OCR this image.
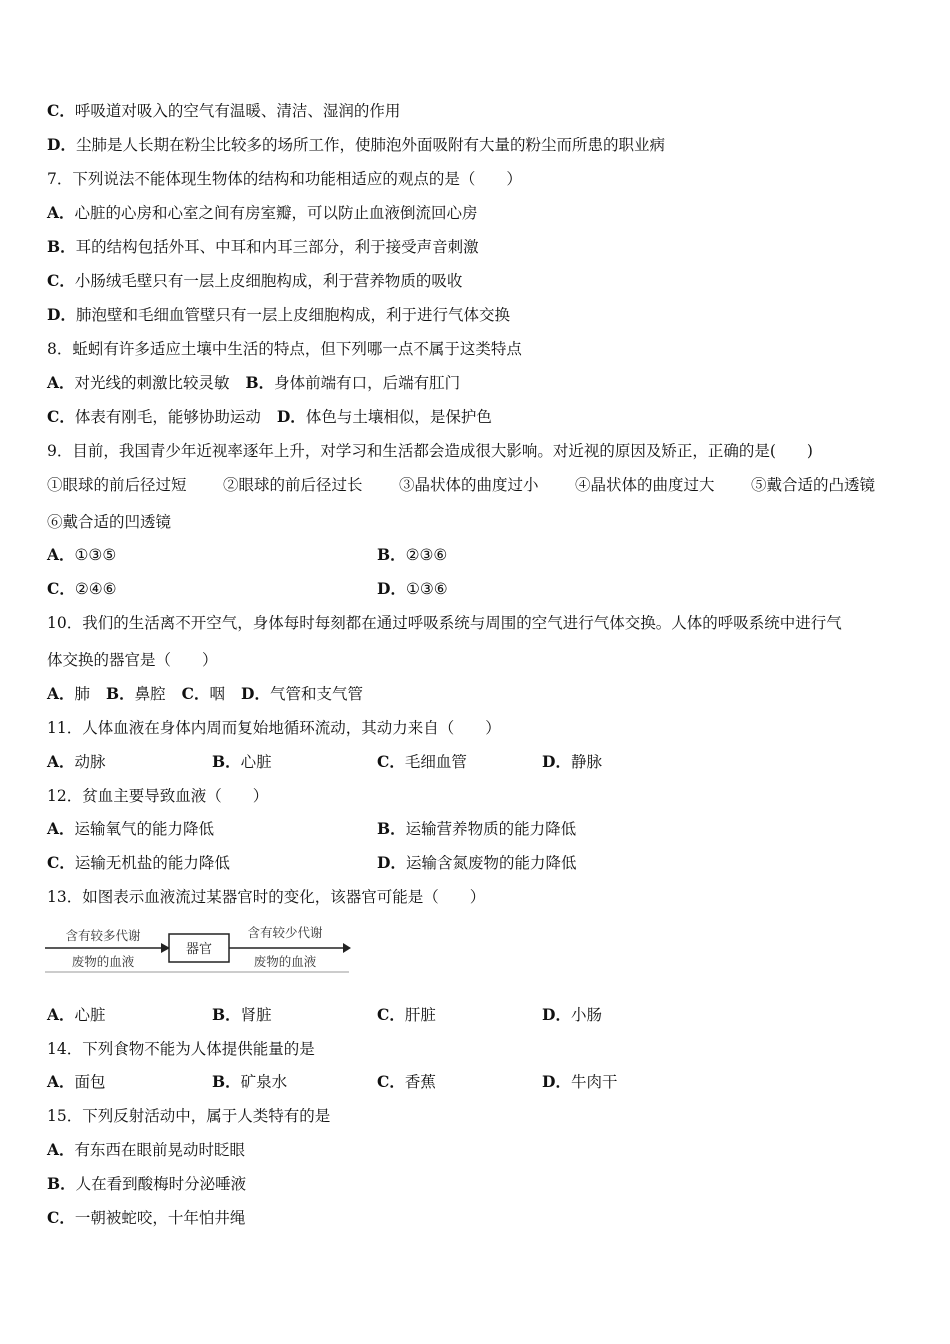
C．呼吸道对吸入的空气有温暖、清洁、湿润的作用
D．尘肺是人长期在粉尘比较多的场所工作，使肺泡外面吸附有大量的粉尘而所患的职业病
7．下列说法不能体现生物体的结构和功能相适应的观点的是（　　）
A．心脏的心房和心室之间有房室瓣，可以防止血液倒流回心房
B．耳的结构包括外耳、中耳和内耳三部分，利于接受声音刺激
C．小肠绒毛壁只有一层上皮细胞构成，利于营养物质的吸收
D．肺泡壁和毛细血管壁只有一层上皮细胞构成，利于进行气体交换
8．蚯蚓有许多适应土壤中生活的特点，但下列哪一点不属于这类特点
A．对光线的刺激比较灵敏 B．身体前端有口，后端有肛门
C．体表有刚毛，能够协助运动 D．体色与土壤相似，是保护色
9．目前，我国青少年近视率逐年上升，对学习和生活都会造成很大影响。对近视的原因及矫正，正确的是(　　)
①眼球的前后径过短 ②眼球的前后径过长 ③晶状体的曲度过小 ④晶状体的曲度过大 ⑤戴合适的凸透镜
⑥戴合适的凹透镜
A．①③⑤	B．②③⑥
C．②④⑥	D．①③⑥
10．我们的生活离不开空气，身体每时每刻都在通过呼吸系统与周围的空气进行气体交换。人体的呼吸系统中进行气
体交换的器官是（　　）
A．肺 B．鼻腔 C．咽 D．气管和支气管
11．人体血液在身体内周而复始地循环流动，其动力来自（　　）
A．动脉	B．心脏	C．毛细血管	D．静脉
12．贫血主要导致血液（　　）
A．运输氧气的能力降低	B．运输营养物质的能力降低
C．运输无机盐的能力降低	D．运输含氮废物的能力降低
13．如图表示血液流过某器官时的变化，该器官可能是（　　）
含有较多代谢
废物的血液
器官
含有较少代谢
废物的血液
A．心脏	B．肾脏	C．肝脏	D．小肠
14．下列食物不能为人体提供能量的是
A．面包	B．矿泉水	C．香蕉	D．牛肉干
15．下列反射活动中，属于人类特有的是
A．有东西在眼前晃动时眨眼
B．人在看到酸梅时分泌唾液
C．一朝被蛇咬，十年怕井绳
